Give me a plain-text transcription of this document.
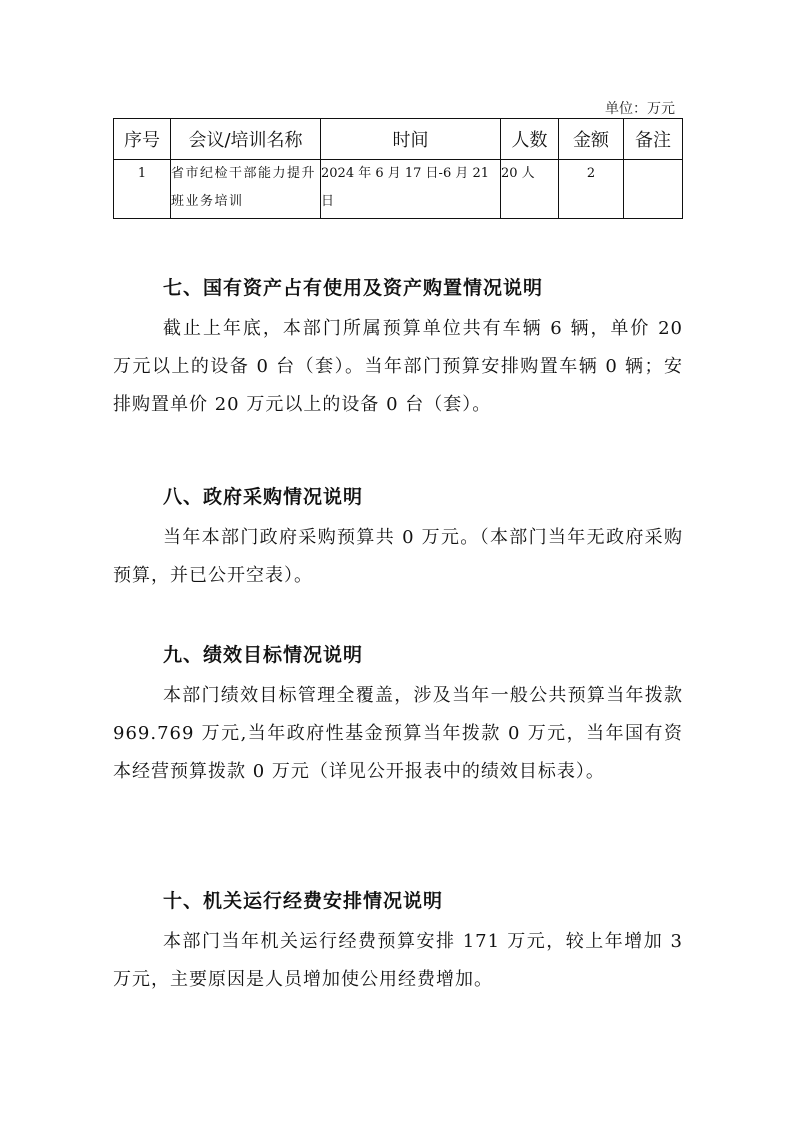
单位：万元
序号	会议/培训名称	时间	人数	金额	备注
1	省市纪检干部能力提升班业务培训	2024 年 6 月 17 日-6 月 21 日	20 人	2	
七、国有资产占有使用及资产购置情况说明

截止上年底，本部门所属预算单位共有车辆 6 辆，单价 20 万元以上的设备 0 台（套）。当年部门预算安排购置车辆 0 辆；安排购置单价 20 万元以上的设备 0 台（套）。

八、政府采购情况说明

当年本部门政府采购预算共 0 万元。（本部门当年无政府采购预算，并已公开空表）。

九、绩效目标情况说明

本部门绩效目标管理全覆盖，涉及当年一般公共预算当年拨款 969.769 万元,当年政府性基金预算当年拨款 0 万元，当年国有资本经营预算拨款 0 万元（详见公开报表中的绩效目标表）。

十、机关运行经费安排情况说明

本部门当年机关运行经费预算安排 171 万元，较上年增加 3 万元，主要原因是人员增加使公用经费增加。
